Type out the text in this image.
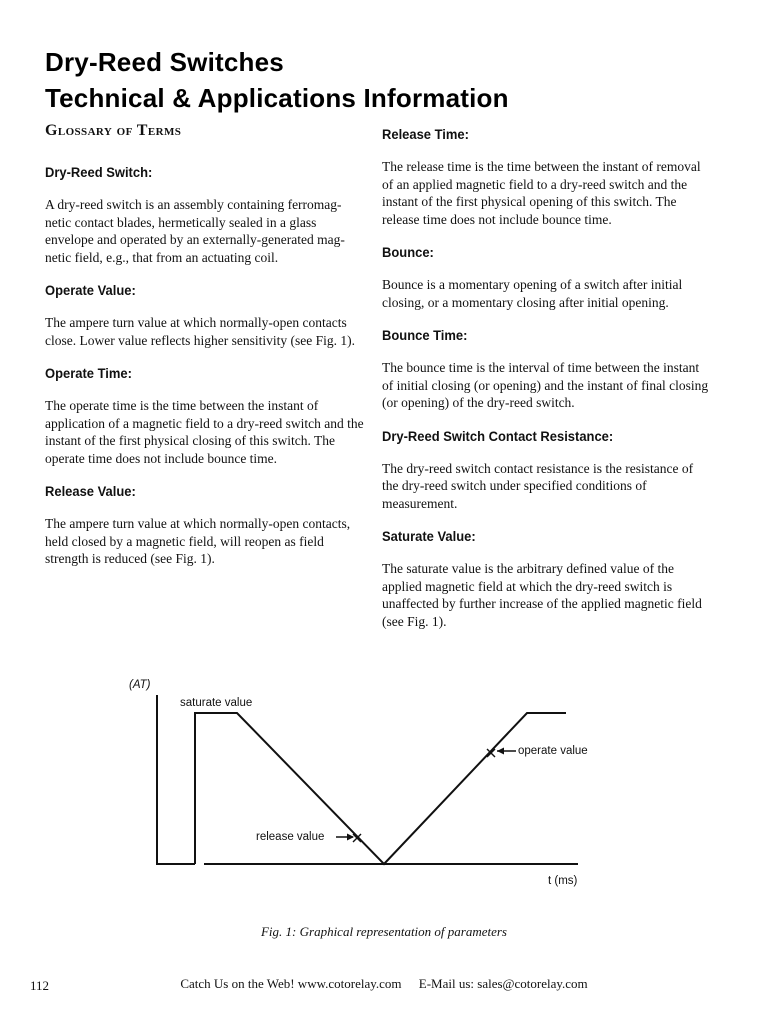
Dry-Reed Switches
Technical & Applications Information
Glossary of Terms
Dry-Reed Switch:

A dry-reed switch is an assembly containing ferromag-netic contact blades, hermetically sealed in a glass envelope and operated by an externally-generated mag-netic field, e.g., that from an actuating coil.

Operate Value:

The ampere turn value at which normally-open contacts close. Lower value reflects higher sensitivity (see Fig. 1).

Operate Time:

The operate time is the time between the instant of application of a magnetic field to a dry-reed switch and the instant of the first physical closing of this switch. The operate time does not include bounce time.

Release Value:

The ampere turn value at which normally-open contacts, held closed by a magnetic field, will reopen as field strength is reduced (see Fig. 1).

Release Time:

The release time is the time between the instant of removal of an applied magnetic field to a dry-reed switch and the instant of the first physical opening of this switch. The release time does not include bounce time.

Bounce:

Bounce is a momentary opening of a switch after initial closing, or a momentary closing after initial opening.

Bounce Time:

The bounce time is the interval of time between the instant of initial closing (or opening) and the instant of final closing (or opening) of the dry-reed switch.

Dry-Reed Switch Contact Resistance:

The dry-reed switch contact resistance is the resistance of the dry-reed switch under specified conditions of measurement.

Saturate Value:

The saturate value is the arbitrary defined value of the applied magnetic field at which the dry-reed switch is unaffected by further increase of the applied magnetic field (see Fig. 1).

(AT)
saturate value
operate value
release value
t (ms)

Fig. 1: Graphical representation of parameters

112	Catch Us on the Web! www.cotorelay.com E-Mail us: sales@cotorelay.com
